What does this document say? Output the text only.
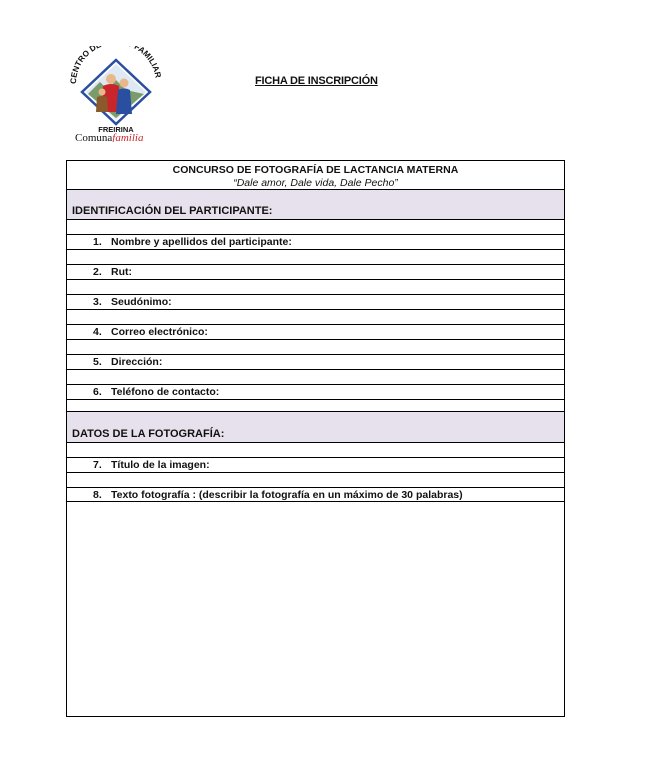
CENTRO D FAMILIAR
FREIRINA
Comunafamilia
FICHA DE INSCRIPCIÓN
CONCURSO DE FOTOGRAFÍA DE LACTANCIA MATERNA
“Dale amor, Dale vida, Dale Pecho”
IDENTIFICACIÓN DEL PARTICIPANTE:
1. Nombre y apellidos del participante:
2. Rut:
3. Seudónimo:
4. Correo electrónico:
5. Dirección:
6. Teléfono de contacto:
DATOS DE LA FOTOGRAFÍA:
7. Título de la imagen:
8. Texto fotografía : (describir la fotografía en un máximo de 30 palabras)
